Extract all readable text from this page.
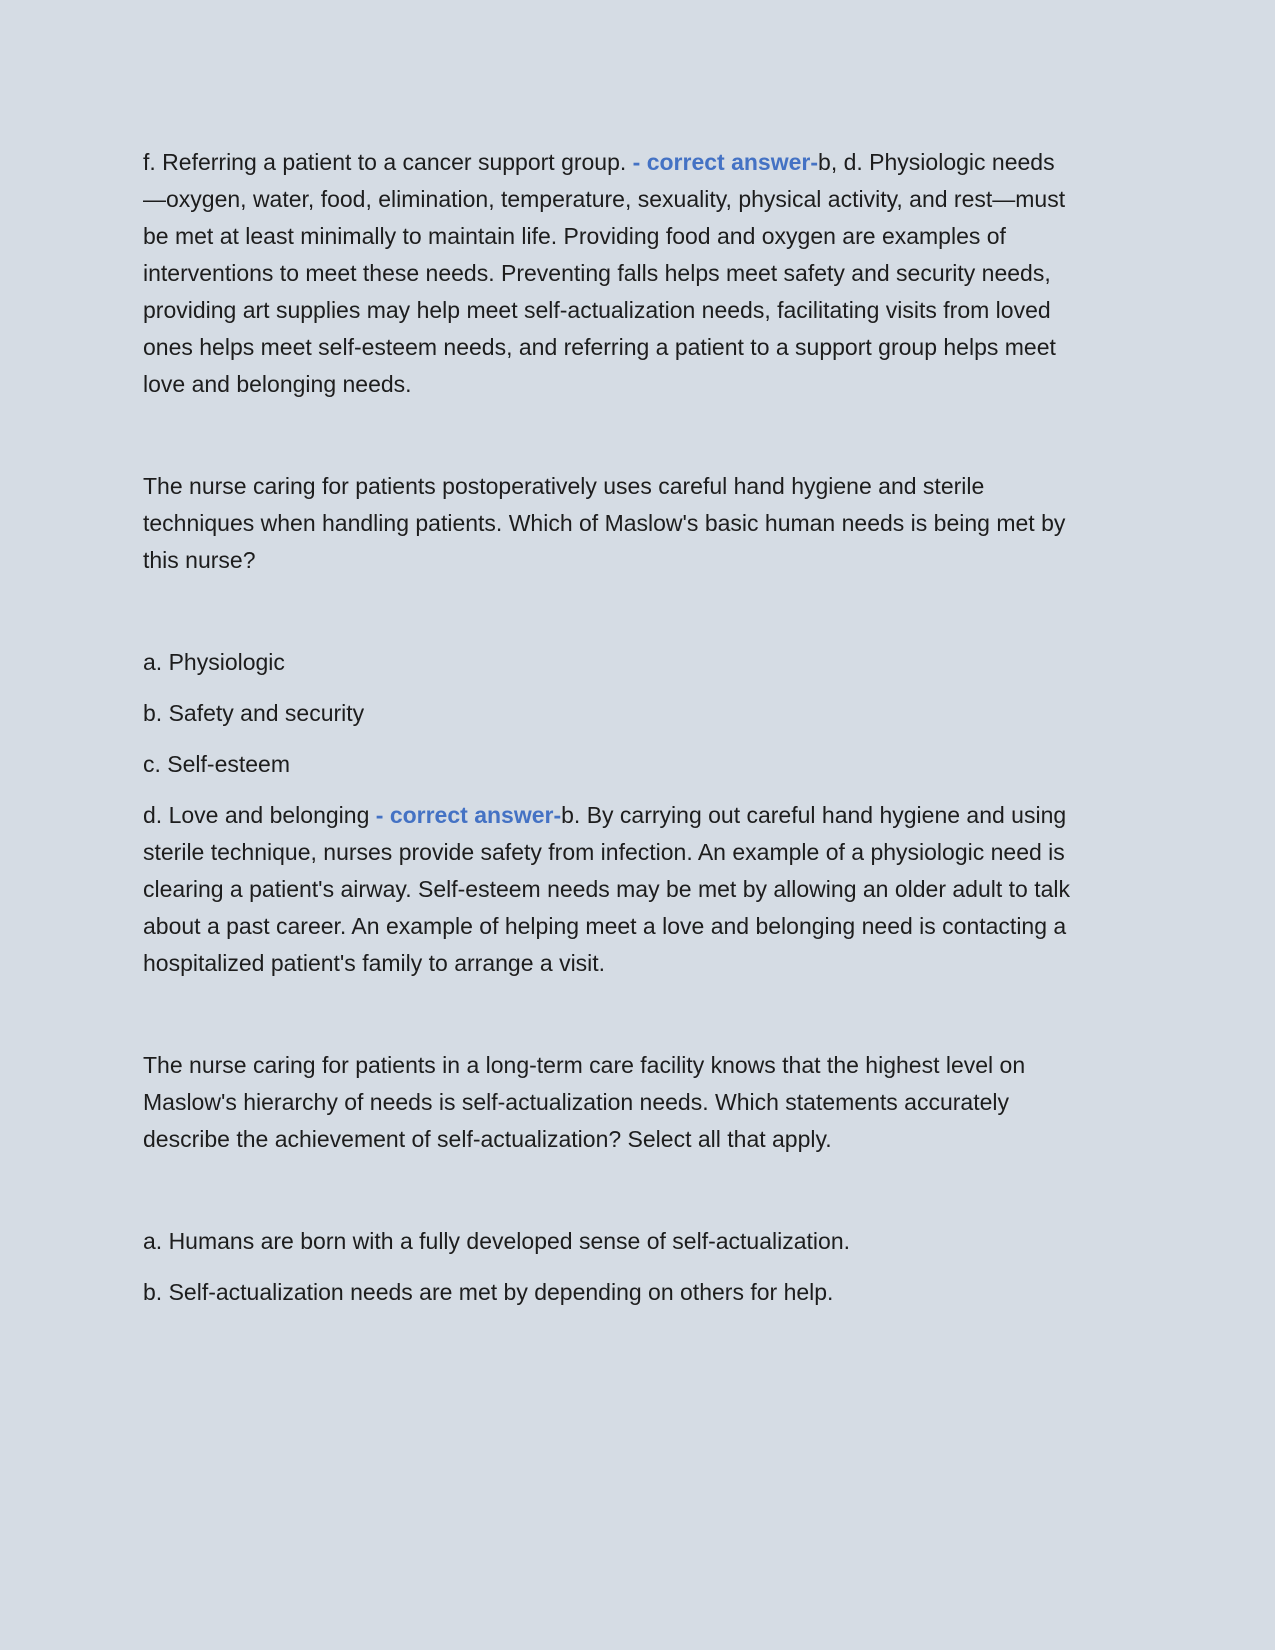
f. Referring a patient to a cancer support group. - correct answer-b, d. Physiologic needs—oxygen, water, food, elimination, temperature, sexuality, physical activity, and rest—must be met at least minimally to maintain life. Providing food and oxygen are examples of interventions to meet these needs. Preventing falls helps meet safety and security needs, providing art supplies may help meet self-actualization needs, facilitating visits from loved ones helps meet self-esteem needs, and referring a patient to a support group helps meet love and belonging needs.

The nurse caring for patients postoperatively uses careful hand hygiene and sterile techniques when handling patients. Which of Maslow's basic human needs is being met by this nurse?

a. Physiologic

b. Safety and security

c. Self-esteem

d. Love and belonging - correct answer-b. By carrying out careful hand hygiene and using sterile technique, nurses provide safety from infection. An example of a physiologic need is clearing a patient's airway. Self-esteem needs may be met by allowing an older adult to talk about a past career. An example of helping meet a love and belonging need is contacting a hospitalized patient's family to arrange a visit.

The nurse caring for patients in a long-term care facility knows that the highest level on Maslow's hierarchy of needs is self-actualization needs. Which statements accurately describe the achievement of self-actualization? Select all that apply.

a. Humans are born with a fully developed sense of self-actualization.

b. Self-actualization needs are met by depending on others for help.
